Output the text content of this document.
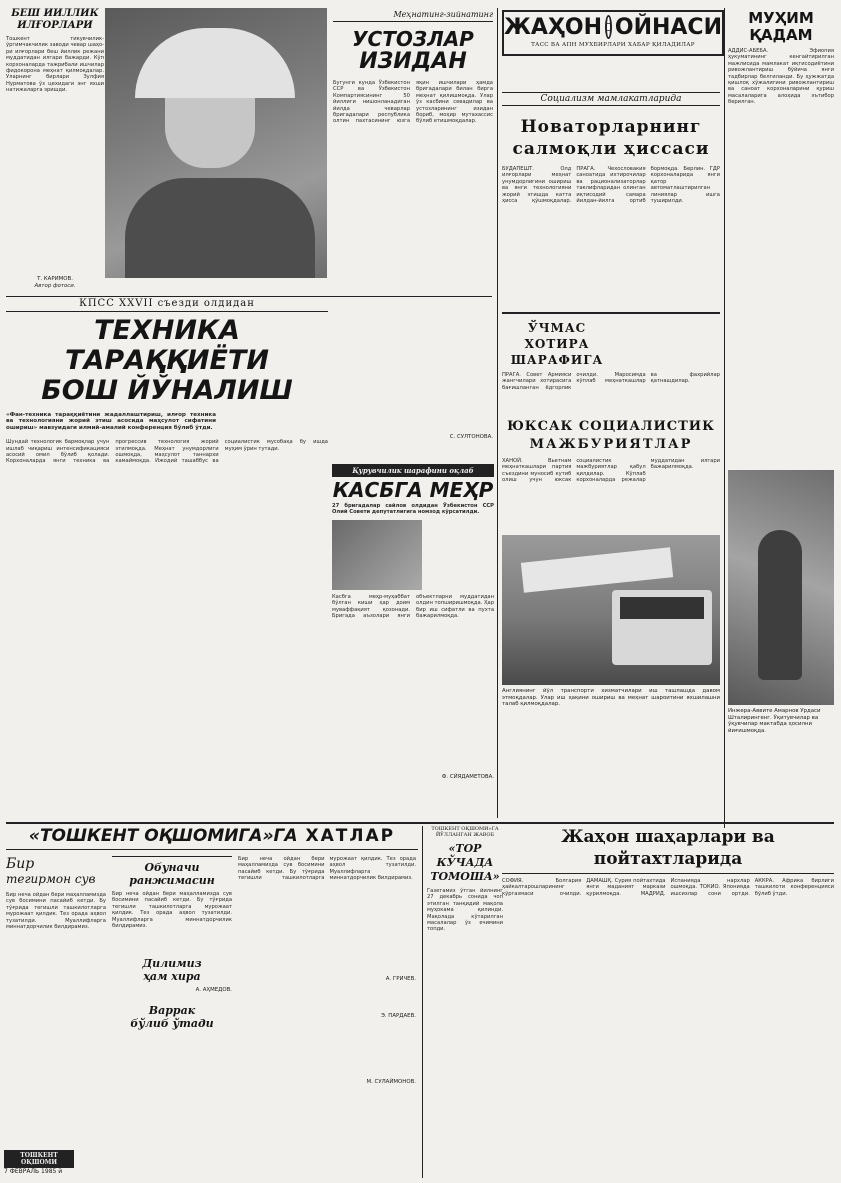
БЕШ ЙИЛЛИК
ИЛҒОРЛАРИ
Тошкент тикувчилик-ўргимчакчилик заводи чевар шаҳори илғорлари беш йиллик режани муддатидан илгари бажарди. Кўп корхоналарда тажрибали ишчилар фидокорона меҳнат қилмоқдалар. Уларнинг бирлари Зулфия Нурматова ўз цехидаги энг яхши натижаларга эришди.
Т. КАРИМОВ.
Автор фотоси.
Меҳнатинг-зийнатинг
УСТОЗЛАР
ИЗИДАН
Бугунги кунда Ўзбекистон ССР ва Ўзбекистон Компартиясининг 50 йиллиги нишонланадиган йилда чеварлар бригадалари республика олтин пахтасининг юзга яқин ишчилари ҳамда бригадалари билан бирга меҳнат қилишмоқда. Улар ўз касбини севадилар ва устозларининг изидан бориб, моҳир мутахассис бўлиб етишмоқдалар.
С. СУЛТОНОВА.
ЖАҲОН ОЙНАСИ
ТАСС ВА АПН МУХБИРЛАРИ ХАБАР ҚИЛАДИЛАР
Социализм мамлакатларида
Новаторларнинг
салмоқли ҳиссаси
БУДАПЕШТ. Олд илғорлари меҳнат унумдорлигини ошириш ва янги технологияни жорий этишда катта ҳисса қўшмоқдалар. ПРАГА. Чехословакия саноатида ихтирочилар ва рационализаторлар таклифларидан олинган иқтисодий самара йилдан-йилга ортиб бормоқда. Берлин. ГДР корхоналарида янги қатор автоматлаштирилган линиялар ишга туширилди.
МУҲИМ
ҚАДАМ
АДДИС-АБЕБА. Эфиопия ҳукуматининг кенгайтирилган мажлисида мамлакат иқтисодиётини ривожлантириш бўйича янги тадбирлар белгиланди. Бу ҳужжатда қишлоқ хўжалигини ривожлантириш ва саноат корхоналарини қуриш масалаларига алоҳида эътибор берилган.
КПСС XXVII съезди олдидан
ТЕХНИКА ТАРАҚҚИЁТИ
БОШ ЙЎНАЛИШ
«Фан-техника тараққиётини жадаллаштириш, илғор техника ва технологияни жорий этиш асосида маҳсулот сифатини ошириш» мавзуидаги илмий-амалий конференция бўлиб ўтди.
Шундай технологик бармоқлар учун ишлаб чиқариш интенсификацияси асосий омил бўлиб қолади. Корхоналарда янги техника ва прогрессив технология жорий этилмоқда. Меҳнат унумдорлиги ошмоқда, маҳсулот таннархи камаймоқда. Ижодий ташаббус ва социалистик мусобақа бу ишда муҳим ўрин тутади.
ЎЧМАС ХОТИРА
ШАРАФИГА
ПРАГА. Совет Армияси жангчилари хотирасига бағишланган ёдгорлик очилди. Маросимда кўплаб меҳнаткашлар ва фахрийлар қатнашдилар.
ЮКСАК СОЦИАЛИСТИК
МАЖБУРИЯТЛАР
ХАНОЙ. Вьетнам меҳнаткашлари партия съездини муносиб кутиб олиш учун юксак социалистик мажбуриятлар қабул қилдилар. Кўплаб корхоналарда режалар муддатидан илгари бажарилмоқда.
Англиянинг йўл транспорти хизматчилари иш ташлашда давом этмоқдалар. Улар иш ҳақини ошириш ва меҳнат шароитини яхшилашни талаб қилмоқдалар.
Қурувчилик шарафини оқлаб
КАСБГА МЕҲР
27 бригадалар сайлов олдидан Ўзбекистон ССР Олий Совети депутатлигига номзод кўрсатилди.
Касбга меҳр-муҳаббат бўлган киши ҳар доим муваффақият қозонади. Бригада аъзолари янги объектларни муддатидан олдин топширишмоқда. Ҳар бир иш сифатли ва пухта бажарилмоқда.
Ф. СЙЯДАМЕТОВА.
Инжера-Аввите Амарнов Ўрдаси Шталирингенг. Ўқитувчилар ва ўқувчилар мактабда ҳосилни йиғишмоқда.
«ТОШКЕНТ ОҚШОМИГА»ГА ХАТЛАР
Бир
тегирмон сув
Бир неча ойдан бери маҳалламизда сув босимини пасайиб кетди. Бу тўғрида тегишли ташкилотларга мурожаат қилдик. Тез орада аҳвол тузатилди. Муаллифларга миннатдорчилик билдирамиз.
Обуначи
ранжимасин
Бир неча ойдан бери маҳалламизда сув босимини пасайиб кетди. Бу тўғрида тегишли ташкилотларга мурожаат қилдик. Тез орада аҳвол тузатилди. Муаллифларга миннатдорчилик билдирамиз.
Дилимиз
ҳам хира
А. АҲМЕДОВ.
Варрак
бўлиб ўтади
Бир неча ойдан бери маҳалламизда сув босимини пасайиб кетди. Бу тўғрида тегишли ташкилотларга мурожаат қилдик. Тез орада аҳвол тузатилди. Муаллифларга миннатдорчилик билдирамиз.
А. ГРИЧЕВ.
Э. ПАРДАЕВ.
М. СУЛАЙМОНОВ.
ТОШКЕНТ ОҚШОМИ»ГА ЙЎЛЛАНГАН ЖАВОБ
«ТОР
КЎЧАДА
ТОМОША»
Газетамиз ўтган йилнинг 27 декабрь сонида чоп этилган танқидий мақола муҳокама қилинди. Мақолада кўтарилган масалалар ўз ечимини топди.
Жаҳон шаҳарлари ва
пойтахтларида
СОФИЯ. Болгария ҳайкалтарошларининг кўргазмаси очилди. ДАМАШҚ. Сурия пойтахтида янги маданият маркази қурилмоқда. МАДРИД. Испанияда нархлар ошмоқда. ТОКИО. Японияда ишсизлар сони ортди. АККРА. Африка бирлиги ташкилоти конференцияси бўлиб ўтди.
ТОШКЕНТ ОҚШОМИ
7 ФЕВРАЛЬ 1985 й
